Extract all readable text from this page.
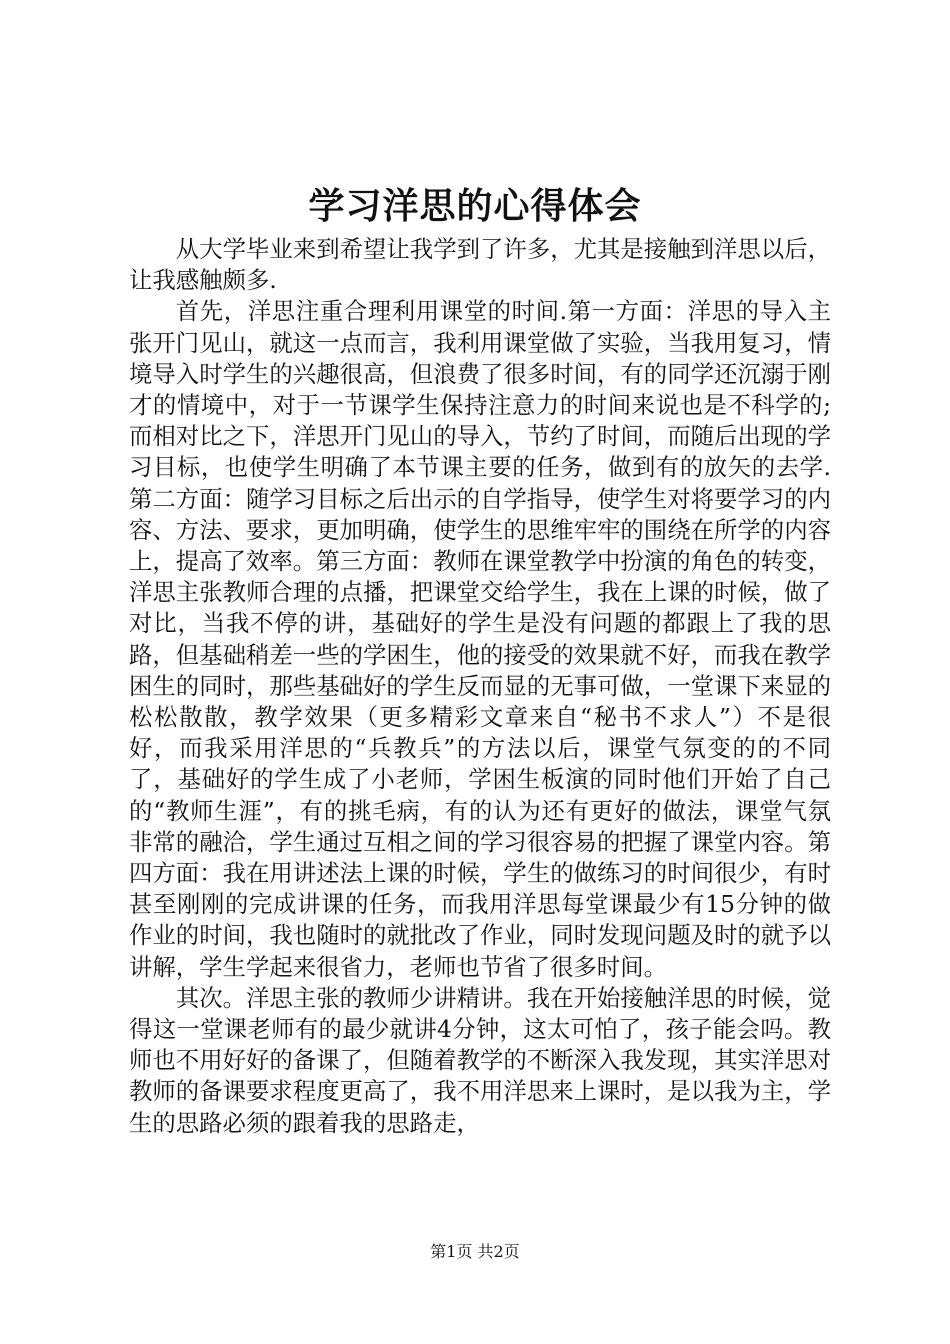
学习洋思的心得体会

从大学毕业来到希望让我学到了许多，尤其是接触到洋思以后，让我感触颇多.

首先，洋思注重合理利用课堂的时间.第一方面：洋思的导入主张开门见山，就这一点而言，我利用课堂做了实验，当我用复习，情境导入时学生的兴趣很高，但浪费了很多时间，有的同学还沉溺于刚才的情境中，对于一节课学生保持注意力的时间来说也是不科学的;而相对比之下，洋思开门见山的导入，节约了时间，而随后出现的学习目标，也使学生明确了本节课主要的任务，做到有的放矢的去学.第二方面：随学习目标之后出示的自学指导，使学生对将要学习的内容、方法、要求，更加明确，使学生的思维牢牢的围绕在所学的内容上，提高了效率。第三方面：教师在课堂教学中扮演的角色的转变，洋思主张教师合理的点播，把课堂交给学生，我在上课的时候，做了对比，当我不停的讲，基础好的学生是没有问题的都跟上了我的思路，但基础稍差一些的学困生，他的接受的效果就不好，而我在教学困生的同时，那些基础好的学生反而显的无事可做，一堂课下来显的松松散散，教学效果（更多精彩文章来自“秘书不求人”）不是很好，而我采用洋思的“兵教兵”的方法以后，课堂气氛变的的不同了，基础好的学生成了小老师，学困生板演的同时他们开始了自己的“教师生涯”，有的挑毛病，有的认为还有更好的做法，课堂气氛非常的融洽，学生通过互相之间的学习很容易的把握了课堂内容。第四方面：我在用讲述法上课的时候，学生的做练习的时间很少，有时甚至刚刚的完成讲课的任务，而我用洋思每堂课最少有15分钟的做作业的时间，我也随时的就批改了作业，同时发现问题及时的就予以讲解，学生学起来很省力，老师也节省了很多时间。

其次。洋思主张的教师少讲精讲。我在开始接触洋思的时候，觉得这一堂课老师有的最少就讲4分钟，这太可怕了，孩子能会吗。教师也不用好好的备课了，但随着教学的不断深入我发现，其实洋思对教师的备课要求程度更高了，我不用洋思来上课时，是以我为主，学生的思路必须的跟着我的思路走，

第1页 共2页
